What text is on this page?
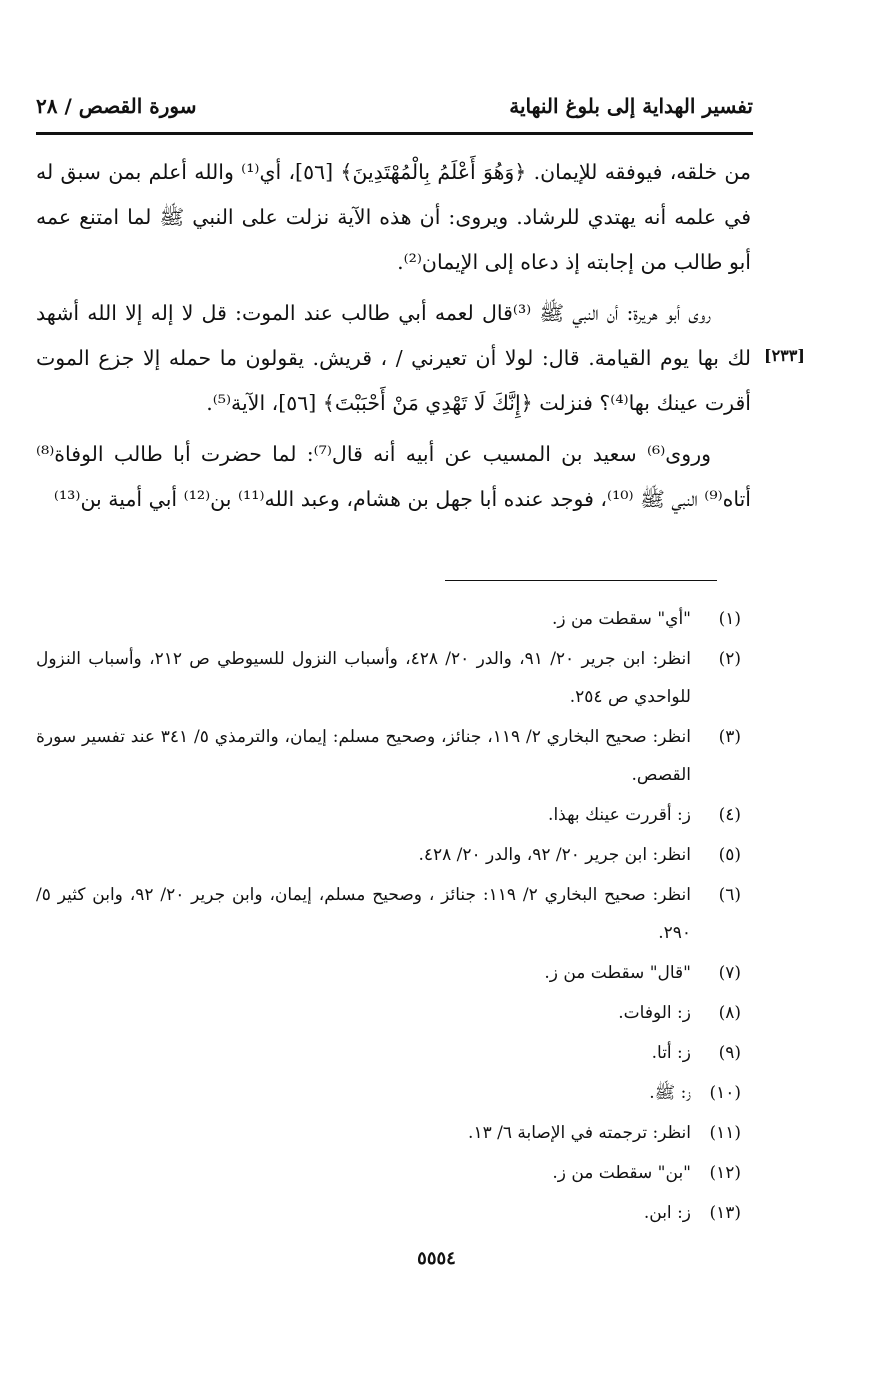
تفسير الهداية إلى بلوغ النهاية
سورة القصص / ٢٨

من خلقه، فيوفقه للإيمان. ﴿وَهُوَ أَعْلَمُ بِالْمُهْتَدِينَ﴾ [٥٦]، أي⁽¹⁾ والله أعلم بمن سبق له في علمه أنه يهتدي للرشاد. ويروى: أن هذه الآية نزلت على النبي ﷺ لما امتنع عمه أبو طالب من إجابته إذ دعاه إلى الإيمان⁽²⁾.

روى أبو هريرة: أن النبي ﷺ ⁽³⁾قال لعمه أبي طالب عند الموت: قل لا إله إلا الله أشهد لك بها يوم القيامة. قال: لولا أن تعيرني / ، قريش. يقولون ما حمله إلا جزع الموت أقرت عينك بها⁽⁴⁾؟ فنزلت ﴿إِنَّكَ لَا تَهْدِي مَنْ أَحْبَبْتَ﴾ [٥٦]، الآية⁽⁵⁾.

وروى⁽⁶⁾ سعيد بن المسيب عن أبيه أنه قال⁽⁷⁾: لما حضرت أبا طالب الوفاة⁽⁸⁾ أتاه⁽⁹⁾ النبي ﷺ ⁽¹⁰⁾، فوجد عنده أبا جهل بن هشام، وعبد الله⁽¹¹⁾ بن⁽¹²⁾ أبي أمية بن⁽¹³⁾

[٢٣٣]
(١)
"أي" سقطت من ز.
(٢)
انظر: ابن جرير ٢٠/ ٩١، والدر ٢٠/ ٤٢٨، وأسباب النزول للسيوطي ص ٢١٢، وأسباب النزول للواحدي ص ٢٥٤.
(٣)
انظر: صحيح البخاري ٢/ ١١٩، جنائز، وصحيح مسلم: إيمان، والترمذي ٥/ ٣٤١ عند تفسير سورة القصص.
(٤)
ز: أقررت عينك بهذا.
(٥)
انظر: ابن جرير ٢٠/ ٩٢، والدر ٢٠/ ٤٢٨.
(٦)
انظر: صحيح البخاري ٢/ ١١٩: جنائز ، وصحيح مسلم، إيمان، وابن جرير ٢٠/ ٩٢، وابن كثير ٥/ ٢٩٠.
(٧)
"قال" سقطت من ز.
(٨)
ز: الوفات.
(٩)
ز: أتا.
(١٠)
ز: ﷺ.
(١١)
انظر: ترجمته في الإصابة ٦/ ١٣.
(١٢)
"بن" سقطت من ز.
(١٣)
ز: ابن.
٥٥٥٤
